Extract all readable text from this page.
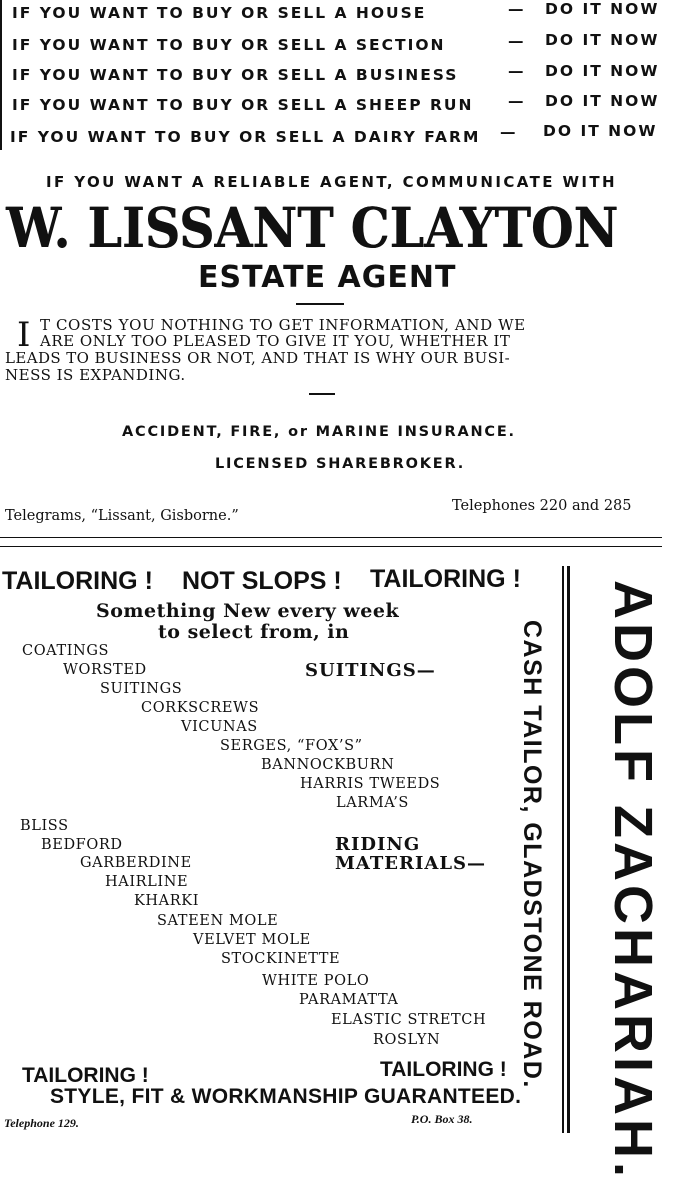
IF YOU WANT TO BUY OR SELL A HOUSE	— DO IT NOW
IF YOU WANT TO BUY OR SELL A SECTION	— DO IT NOW
IF YOU WANT TO BUY OR SELL A BUSINESS	— DO IT NOW
IF YOU WANT TO BUY OR SELL A SHEEP RUN — DO IT NOW
IF YOU WANT TO BUY OR SELL A DAIRY FARM — DO IT NOW
IF YOU WANT A RELIABLE AGENT, COMMUNICATE WITH
W. LISSANT CLAYTON
ESTATE AGENT
I T COSTS YOU NOTHING TO GET INFORMATION, AND WE
ARE ONLY TOO PLEASED TO GIVE IT YOU, WHETHER IT
LEADS TO BUSINESS OR NOT, AND THAT IS WHY OUR BUSI-
NESS IS EXPANDING.
ACCIDENT, FIRE, or MARINE INSURANCE.
LICENSED SHAREBROKER.
Telegrams, “Lissant, Gisborne.”
Telephones 220 and 285
TAILORING ! NOT SLOPS ! TAILORING !
Something New every week
to select from, in
COATINGS
WORSTED
SUITINGS
CORKSCREWS
VICUNAS
SERGES, “FOX’S”
BANNOCKBURN
HARRIS TWEEDS
LARMA’S
SUITINGS—
RIDING
MATERIALS—
BLISS
BEDFORD
GARBERDINE
HAIRLINE
KHARKI
SATEEN MOLE
VELVET MOLE
STOCKINETTE
WHITE POLO
PARAMATTA
ELASTIC STRETCH
ROSLYN
TAILORING !	TAILORING !
STYLE, FIT & WORKMANSHIP GUARANTEED.
Telephone 129.	P.O. Box 38.
CASH TAILOR, GLADSTONE ROAD. ADOLF ZACHARIAH.
